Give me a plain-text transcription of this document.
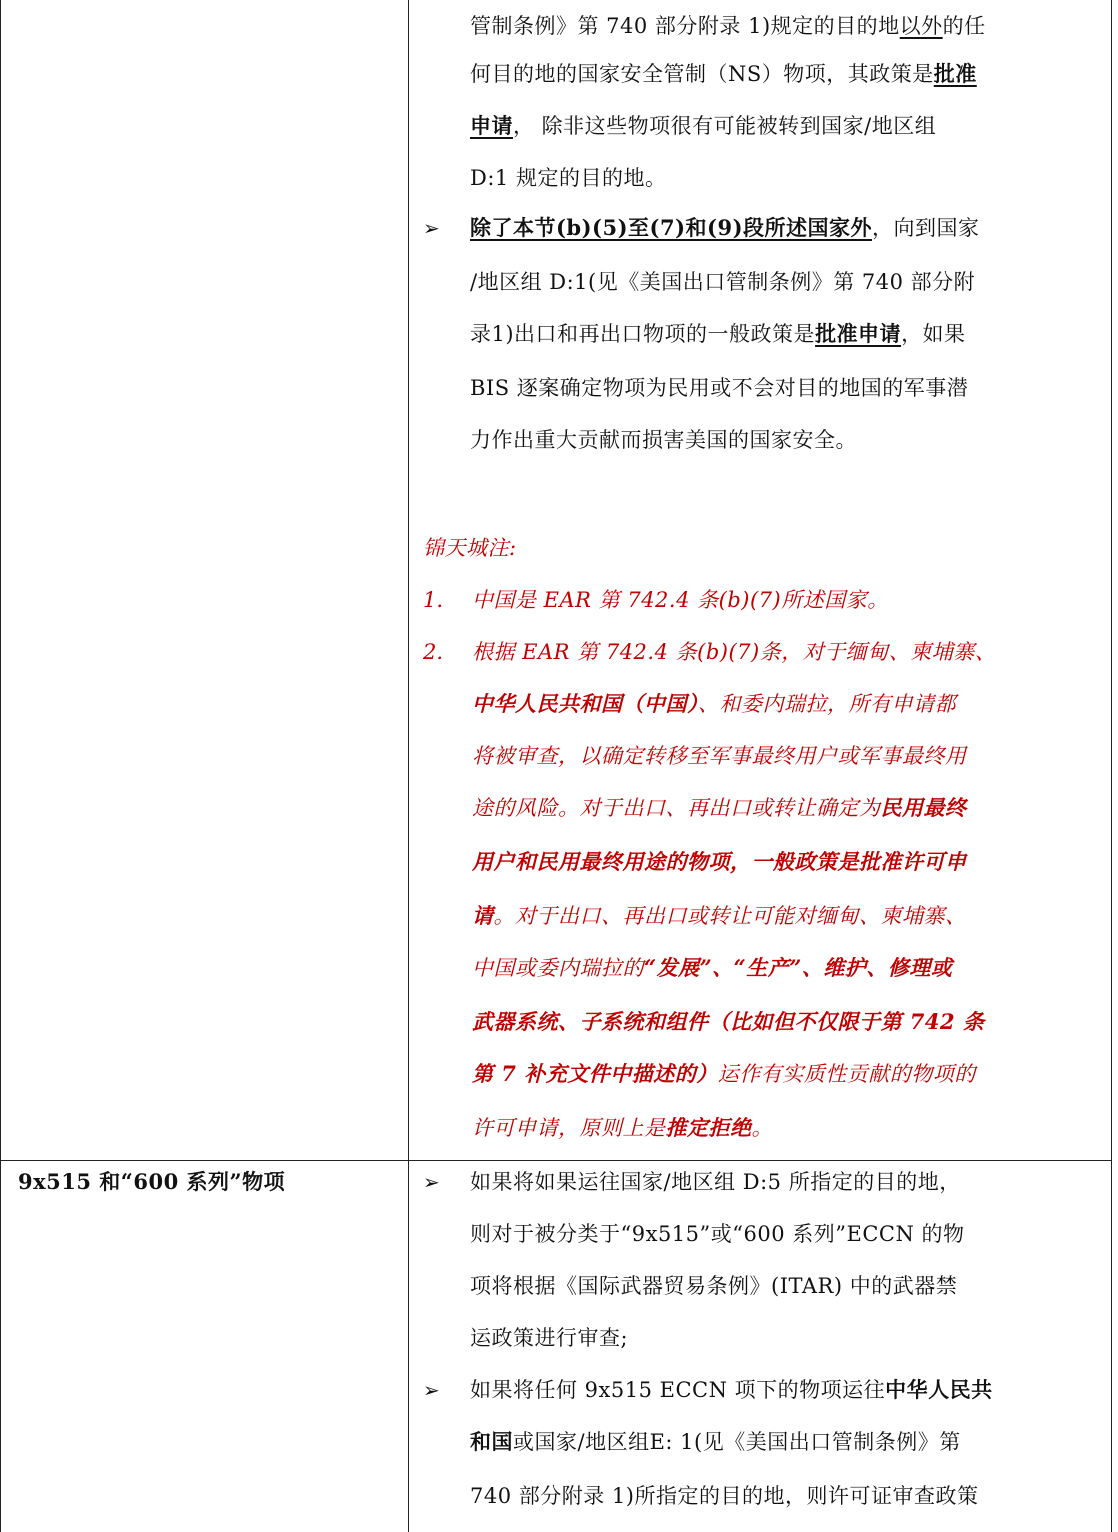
管制条例》第 740 部分附录 1)规定的目的地以外的任
何目的地的国家安全管制（NS）物项，其政策是批准
申请， 除非这些物项很有可能被转到国家/地区组
D:1 规定的目的地。
➢ 除了本节(b)(5)至(7)和(9)段所述国家外，向到国家
/地区组 D:1(见《美国出口管制条例》第 740 部分附
录1)出口和再出口物项的一般政策是批准申请，如果
BIS 逐案确定物项为民用或不会对目的地国的军事潜
力作出重大贡献而损害美国的国家安全。
锦天城注:
1. 中国是 EAR 第 742.4 条(b)(7)所述国家。
2. 根据 EAR 第 742.4 条(b)(7)条，对于缅甸、柬埔寨、
中华人民共和国（中国）、和委内瑞拉，所有申请都
将被审查，以确定转移至军事最终用户或军事最终用
途的风险。对于出口、再出口或转让确定为民用最终
用户和民用最终用途的物项，一般政策是批准许可申
请。对于出口、再出口或转让可能对缅甸、柬埔寨、
中国或委内瑞拉的“发展”、“生产”、维护、修理或
武器系统、子系统和组件（比如但不仅限于第 742 条
第 7 补充文件中描述的）运作有实质性贡献的物项的
许可申请，原则上是推定拒绝。
9x515 和“600 系列”物项	➢ 如果将如果运往国家/地区组 D:5 所指定的目的地，
则对于被分类于“9x515”或“600 系列”ECCN 的物
项将根据《国际武器贸易条例》(ITAR) 中的武器禁
运政策进行审查;
➢ 如果将任何 9x515 ECCN 项下的物项运往中华人民共
和国或国家/地区组E: 1(见《美国出口管制条例》第
740 部分附录 1)所指定的目的地，则许可证审查政策
